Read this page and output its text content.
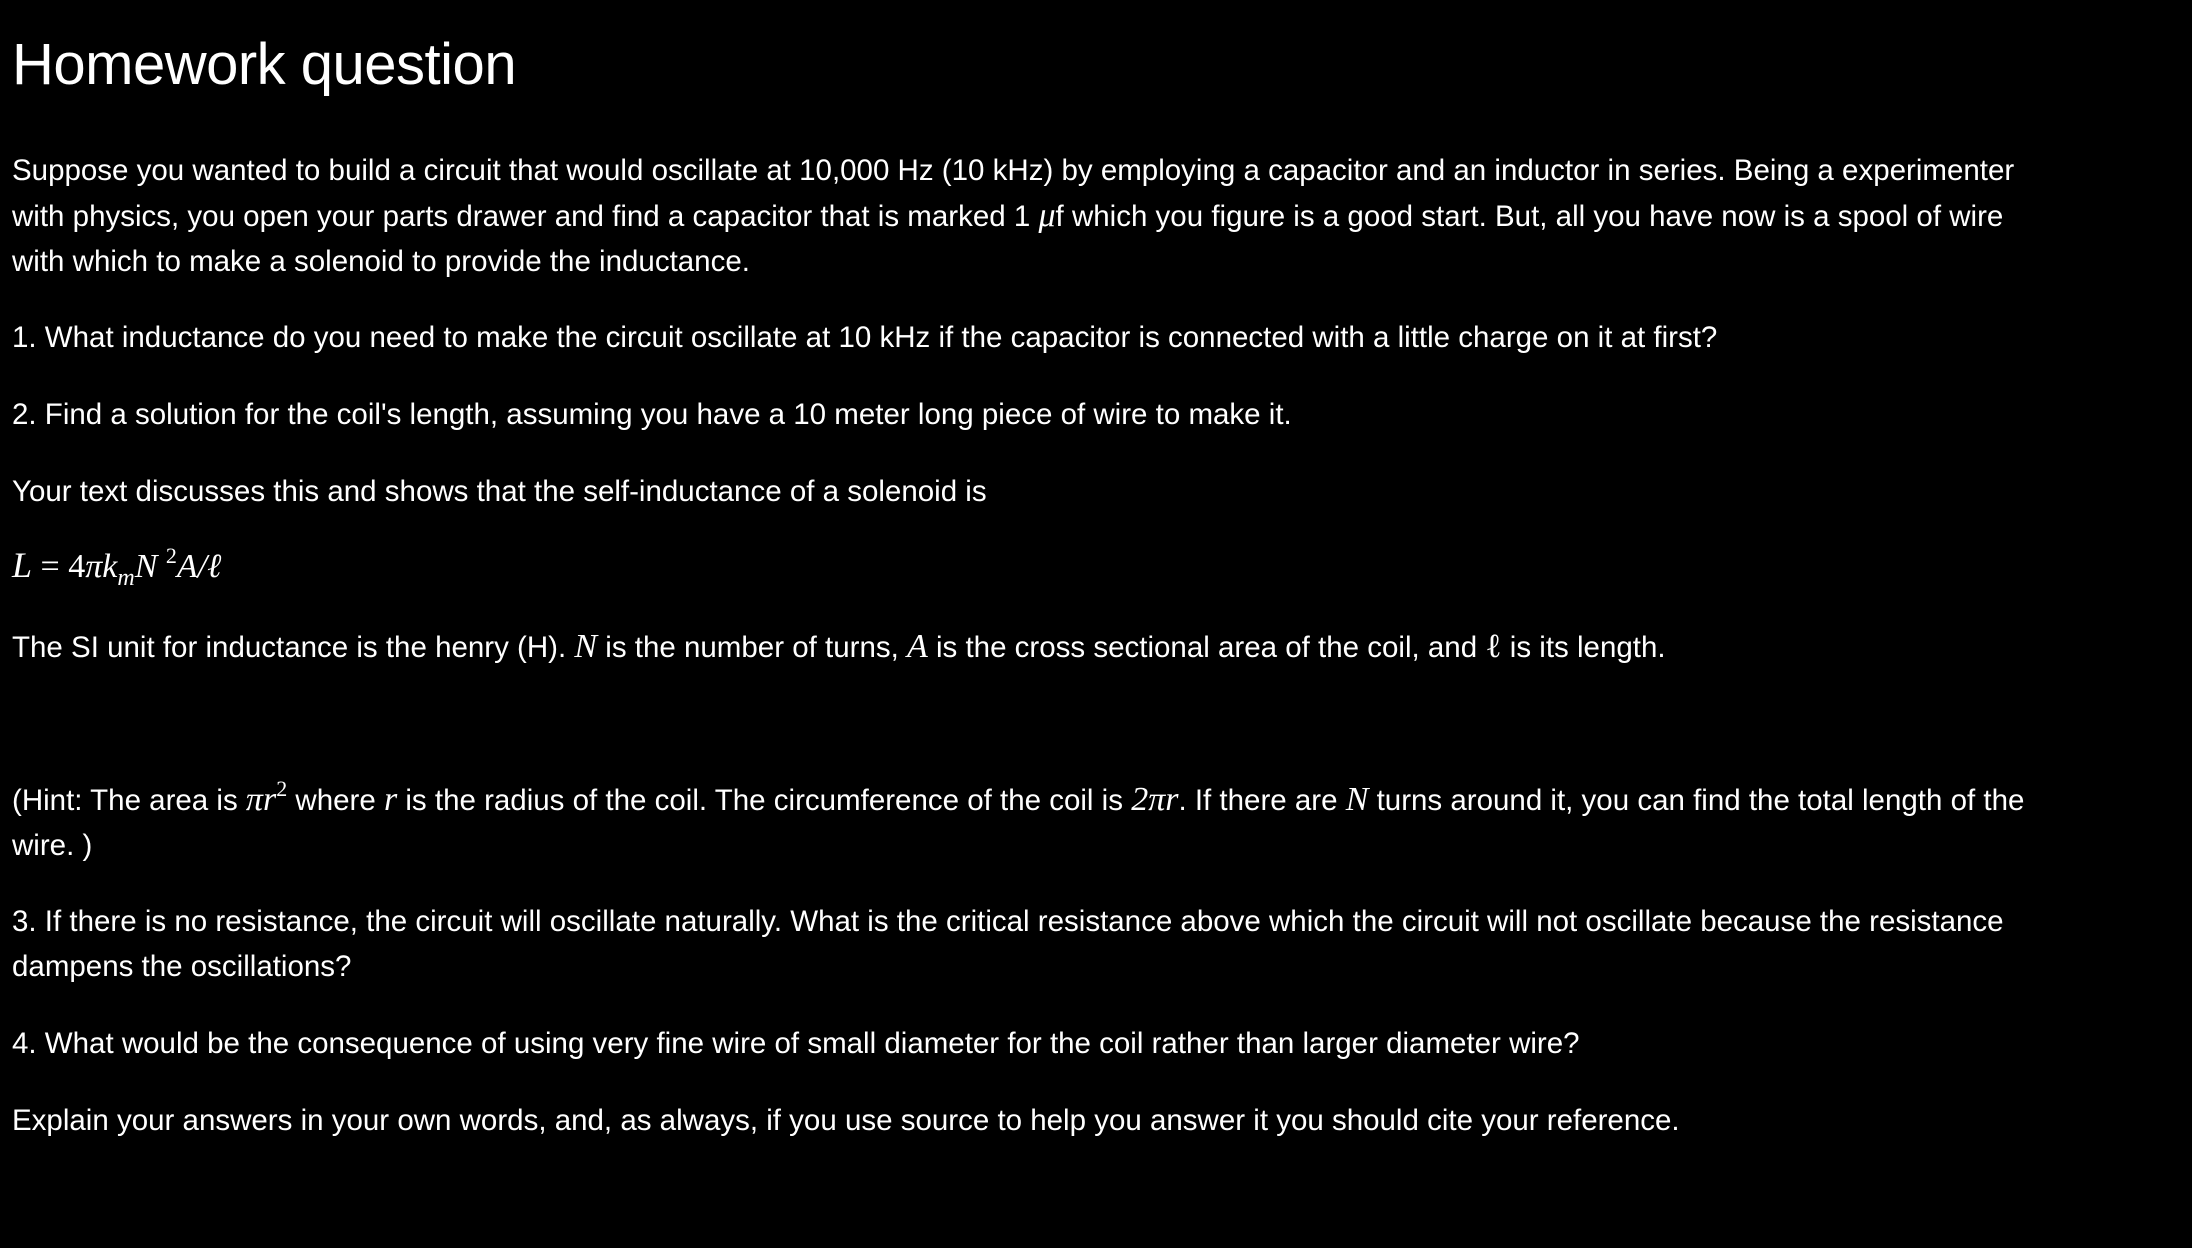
Homework question
Suppose you wanted to build a circuit that would oscillate at 10,000 Hz (10 kHz) by employing a capacitor and an inductor in series. Being a experimenter
with physics, you open your parts drawer and find a capacitor that is marked 1 μf which you figure is a good start. But, all you have now is a spool of wire
with which to make a solenoid to provide the inductance.
1. What inductance do you need to make the circuit oscillate at 10 kHz if the capacitor is connected with a little charge on it at first?
2. Find a solution for the coil's length, assuming you have a 10 meter long piece of wire to make it.
Your text discusses this and shows that the self-inductance of a solenoid is
$L = 4\pi k_mN$ $^2$A/ℓ
The SI unit for inductance is the henry (H). N is the number of turns, A is the cross sectional area of the coil, and ℓ is its length.
(Hint: The area is $\pi r^2$ where r is the radius of the coil. The circumference of the coil is 2πr. If there are N turns around it, you can find the total length of the
wire. )
3. If there is no resistance, the circuit will oscillate naturally. What is the critical resistance above which the circuit will not oscillate because the resistance
dampens the oscillations?
4. What would be the consequence of using very fine wire of small diameter for the coil rather than larger diameter wire?
Explain your answers in your own words, and, as always, if you use source to help you answer it you should cite your reference.
